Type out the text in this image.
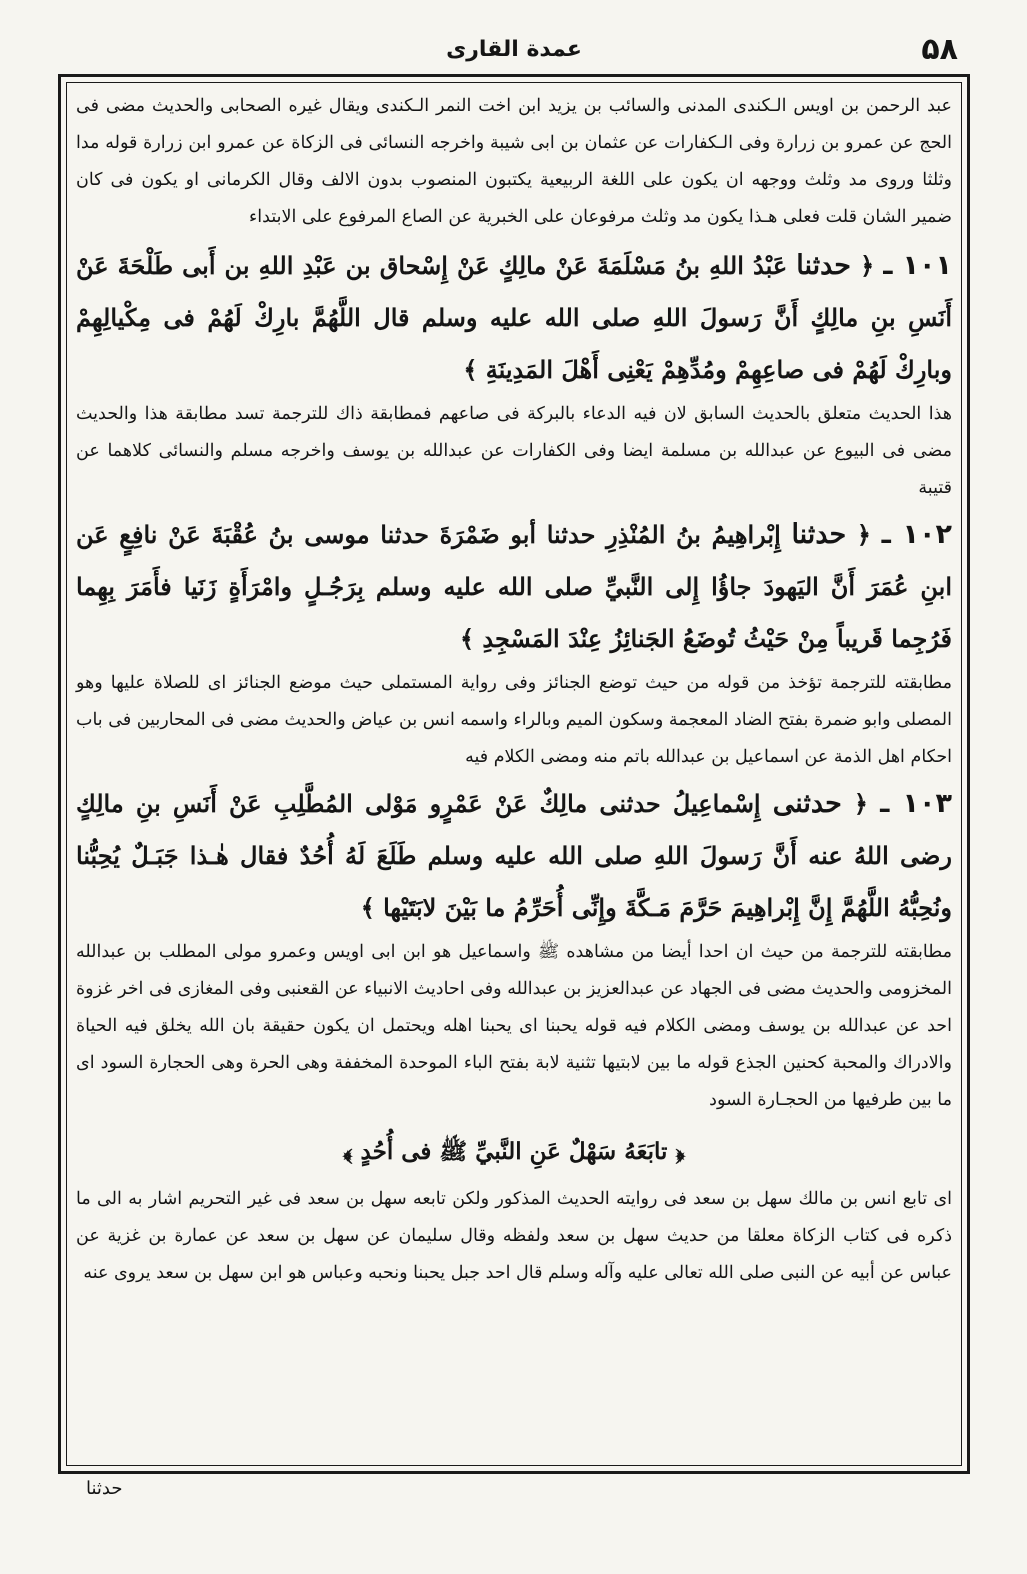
۵۸
عمدة القاری

عبد الرحمن بن اويس الـكندى المدنى والسائب بن يزيد ابن اخت النمر الـكندى ويقال غيره الصحابى والحديث مضى فى الحج عن عمرو بن زرارة وفى الـكفارات عن عثمان بن ابى شيبة واخرجه النسائى فى الزكاة عن عمرو ابن زرارة قوله مدا وثلثا وروى مد وثلث ووجهه ان يكون على اللغة الربيعية يكتبون المنصوب بدون الالف وقال الكرمانى او يكون فى كان ضمير الشان قلت فعلى هـذا يكون مد وثلث مرفوعان على الخبرية عن الصاع المرفوع على الابتداء

۱۰۱ ـ ﴿ حدثنا عَبْدُ اللهِ بنُ مَسْلَمَةَ عَنْ مالِكٍ عَنْ إِسْحاق بن عَبْدِ اللهِ بن أَبى طَلْحَةَ عَنْ أَنَسِ بنِ مالِكٍ أَنَّ رَسولَ اللهِ صلى الله عليه وسلم قال اللَّهُمَّ بارِكْ لَهُمْ فى مِكْيالِهِمْ وبارِكْ لَهُمْ فى صاعِهِمْ ومُدِّهِمْ يَعْنِى أَهْلَ المَدِينَةِ ﴾

هذا الحديث متعلق بالحديث السابق لان فيه الدعاء بالبركة فى صاعهم فمطابقة ذاك للترجمة تسد مطابقة هذا والحديث مضى فى البيوع عن عبدالله بن مسلمة ايضا وفى الكفارات عن عبدالله بن يوسف واخرجه مسلم والنسائى كلاهما عن قتيبة

۱۰۲ ـ ﴿ حدثنا إِبْراهِيمُ بنُ المُنْذِرِ حدثنا أبو ضَمْرَةَ حدثنا موسى بنُ عُقْبَةَ عَنْ نافِعٍ عَن ابنِ عُمَرَ أَنَّ اليَهودَ جاؤُا إِلى النَّبيِّ صلى الله عليه وسلم بِرَجُـلٍ وامْرَأَةٍ زَنَيا فأَمَرَ بِهِما فَرُجِما قَريباً مِنْ حَيْثُ تُوضَعُ الجَنائِزُ عِنْدَ المَسْجِدِ ﴾

مطابقته للترجمة تؤخذ من قوله من حيث توضع الجنائز وفى رواية المستملى حيث موضع الجنائز اى للصلاة عليها وهو المصلى وابو ضمرة بفتح الضاد المعجمة وسكون الميم وبالراء واسمه انس بن عياض والحديث مضى فى المحاربين فى باب احكام اهل الذمة عن اسماعيل بن عبدالله باتم منه ومضى الكلام فيه

۱۰۳ ـ ﴿ حدثنى إِسْماعِيلُ حدثنى مالِكٌ عَنْ عَمْرٍو مَوْلى المُطَّلِبِ عَنْ أَنَسِ بنِ مالِكٍ رضى اللهُ عنه أَنَّ رَسولَ اللهِ صلى الله عليه وسلم طَلَعَ لَهُ أُحُدٌ فقال هٰـذا جَبَـلٌ يُحِبُّنا ونُحِبُّهُ اللَّهُمَّ إِنَّ إِبْراهِيمَ حَرَّمَ مَـكَّةَ وإِنِّى أُحَرِّمُ ما بَيْنَ لابَتَيْها ﴾

مطابقته للترجمة من حيث ان احدا أيضا من مشاهده ﷺ واسماعيل هو ابن ابى اويس وعمرو مولى المطلب بن عبدالله المخزومى والحديث مضى فى الجهاد عن عبدالعزيز بن عبدالله وفى احاديث الانبياء عن القعنبى وفى المغازى فى اخر غزوة احد عن عبدالله بن يوسف ومضى الكلام فيه قوله يحبنا اى يحبنا اهله ويحتمل ان يكون حقيقة بان الله يخلق فيه الحياة والادراك والمحبة كحنين الجذع قوله ما بين لابتيها تثنية لابة بفتح الباء الموحدة المخففة وهى الحرة وهى الحجارة السود اى ما بين طرفيها من الحجـارة السود

﴿ تابَعَهُ سَهْلٌ عَنِ النَّبيِّ ﷺ فى أُحُدٍ ﴾

اى تابع انس بن مالك سهل بن سعد فى روايته الحديث المذكور ولكن تابعه سهل بن سعد فى غير التحريم اشار به الى ما ذكره فى كتاب الزكاة معلقا من حديث سهل بن سعد ولفظه وقال سليمان عن سهل بن سعد عن عمارة بن غزية عن عباس عن أبيه عن النبى صلى الله تعالى عليه وآله وسلم قال احد جبل يحبنا ونحبه وعباس هو ابن سهل بن سعد يروى عنه

حدثنا
